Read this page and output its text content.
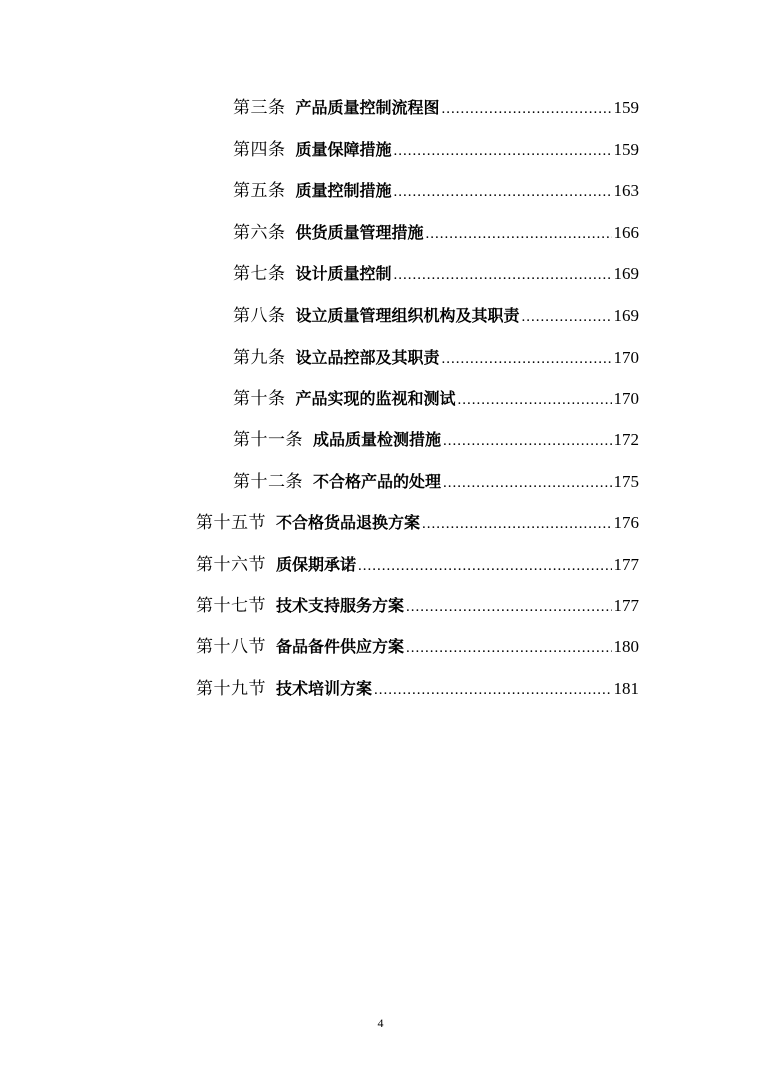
第三条 产品质量控制流程图 .....	159
第四条 质量保障措施 .....	159
第五条 质量控制措施 .....	163
第六条 供货质量管理措施 .....	166
第七条 设计质量控制 .....	169
第八条 设立质量管理组织机构及其职责 .....	169
第九条 设立品控部及其职责 .....	170
第十条 产品实现的监视和测试 .....	170
第十一条 成品质量检测措施 .....	172
第十二条 不合格产品的处理 .....	175
第十五节 不合格货品退换方案 .....	176
第十六节 质保期承诺 .....	177
第十七节 技术支持服务方案 .....	177
第十八节 备品备件供应方案 .....	180
第十九节 技术培训方案 .....	181
4
